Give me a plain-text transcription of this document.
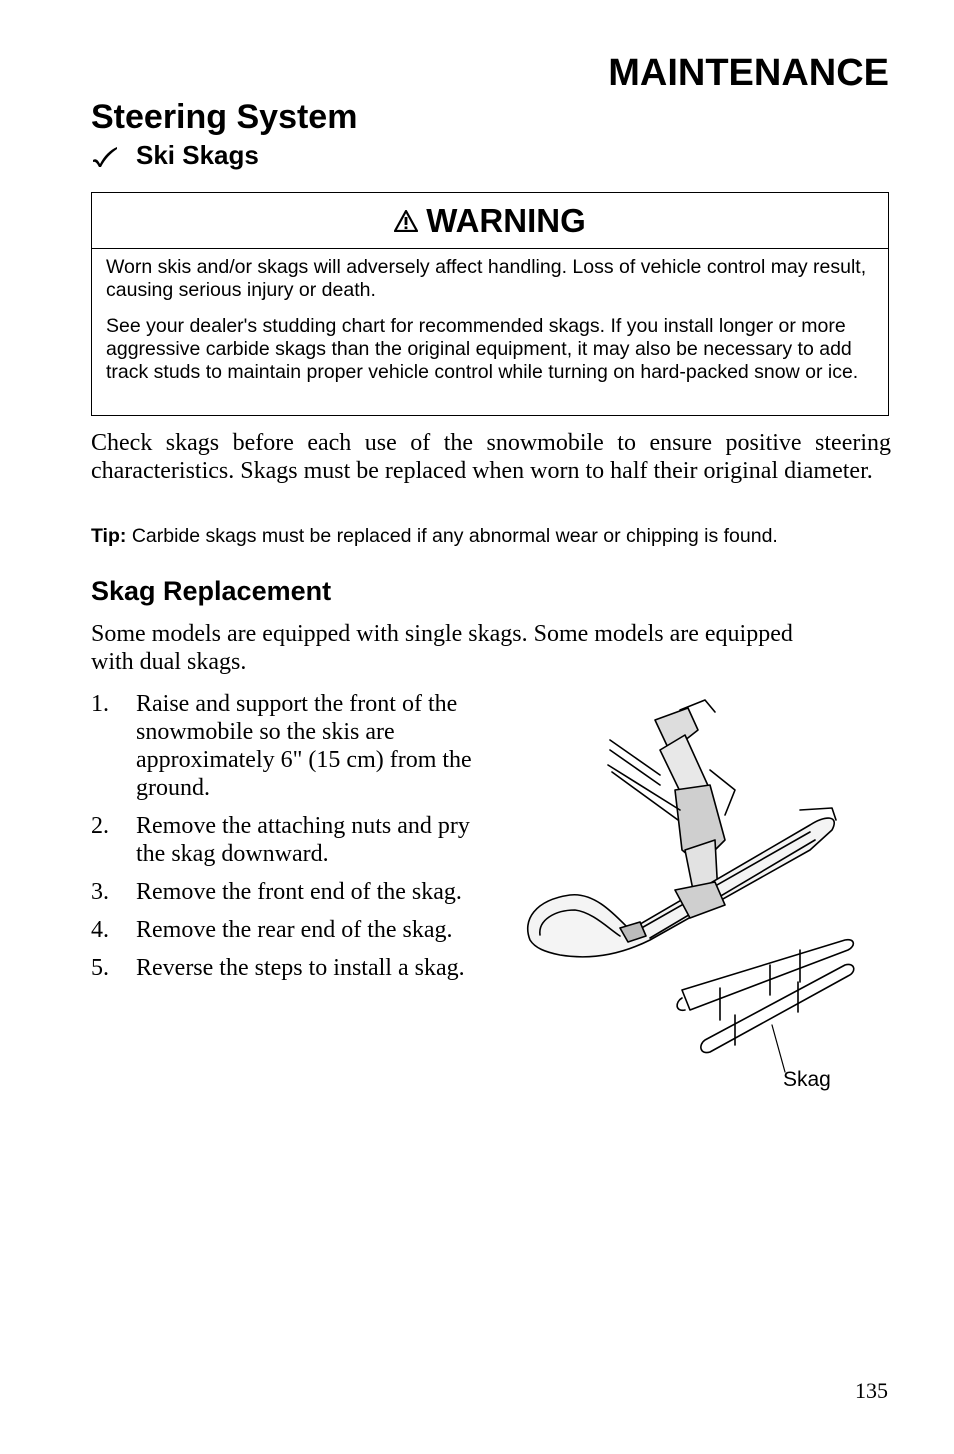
MAINTENANCE
Steering System
Ski Skags
WARNING

Worn skis and/or skags will adversely affect handling. Loss of vehicle control may result, causing serious injury or death.

See your dealer's studding chart for recommended skags. If you install longer or more aggressive carbide skags than the original equipment, it may also be necessary to add track studs to maintain proper vehicle control while turning on hard-packed snow or ice.

Check skags before each use of the snowmobile to ensure positive steering characteristics. Skags must be replaced when worn to half their original diameter.
Tip: Carbide skags must be replaced if any abnormal wear or chipping is found.
Skag Replacement
Some models are equipped with single skags. Some models are equipped with dual skags.
1.	Raise and support the front of the snowmobile so the skis are approximately 6" (15 cm) from the ground.
2.	Remove the attaching nuts and pry the skag downward.
3.	Remove the front end of the skag.
4.	Remove the rear end of the skag.
5.	Reverse the steps to install a skag.
Skag
135
